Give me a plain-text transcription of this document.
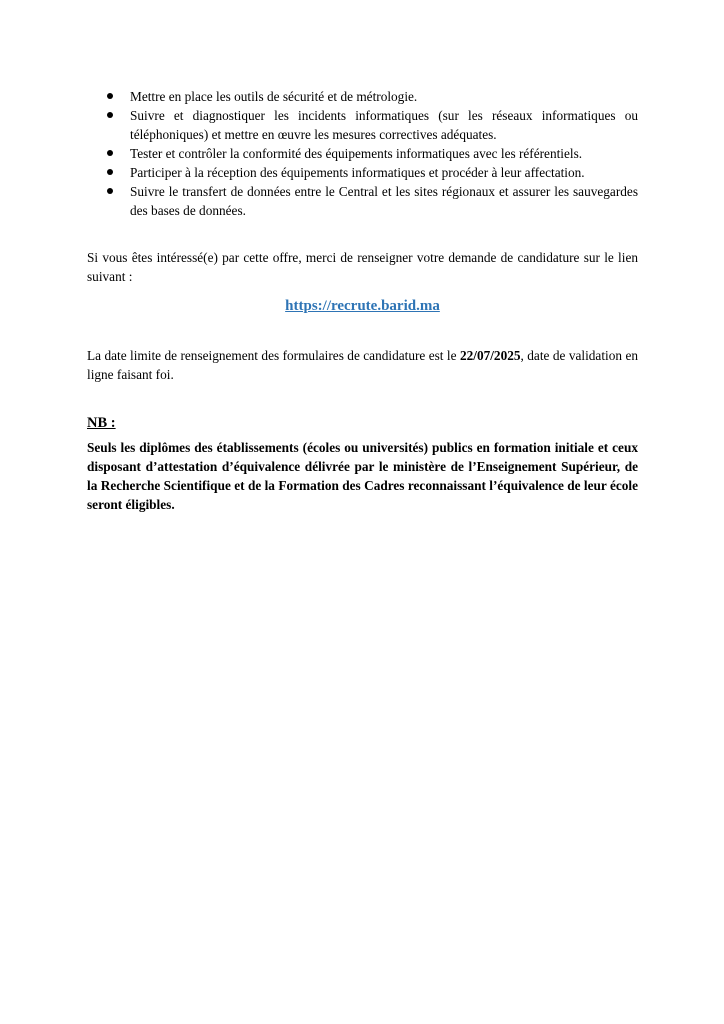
Mettre en place les outils de sécurité et de métrologie.
Suivre et diagnostiquer les incidents informatiques (sur les réseaux informatiques ou téléphoniques) et mettre en œuvre les mesures correctives adéquates.
Tester et contrôler la conformité des équipements informatiques avec les référentiels.
Participer à la réception des équipements informatiques et procéder à leur affectation.
Suivre le transfert de données entre le Central et les sites régionaux et assurer les sauvegardes des bases de données.

Si vous êtes intéressé(e) par cette offre, merci de renseigner votre demande de candidature sur le lien suivant :

https://recrute.barid.ma

La date limite de renseignement des formulaires de candidature est le 22/07/2025, date de validation en ligne faisant foi.

NB :

Seuls les diplômes des établissements (écoles ou universités) publics en formation initiale et ceux disposant d’attestation d’équivalence délivrée par le ministère de l’Enseignement Supérieur, de la Recherche Scientifique et de la Formation des Cadres reconnaissant l’équivalence de leur école seront éligibles.
